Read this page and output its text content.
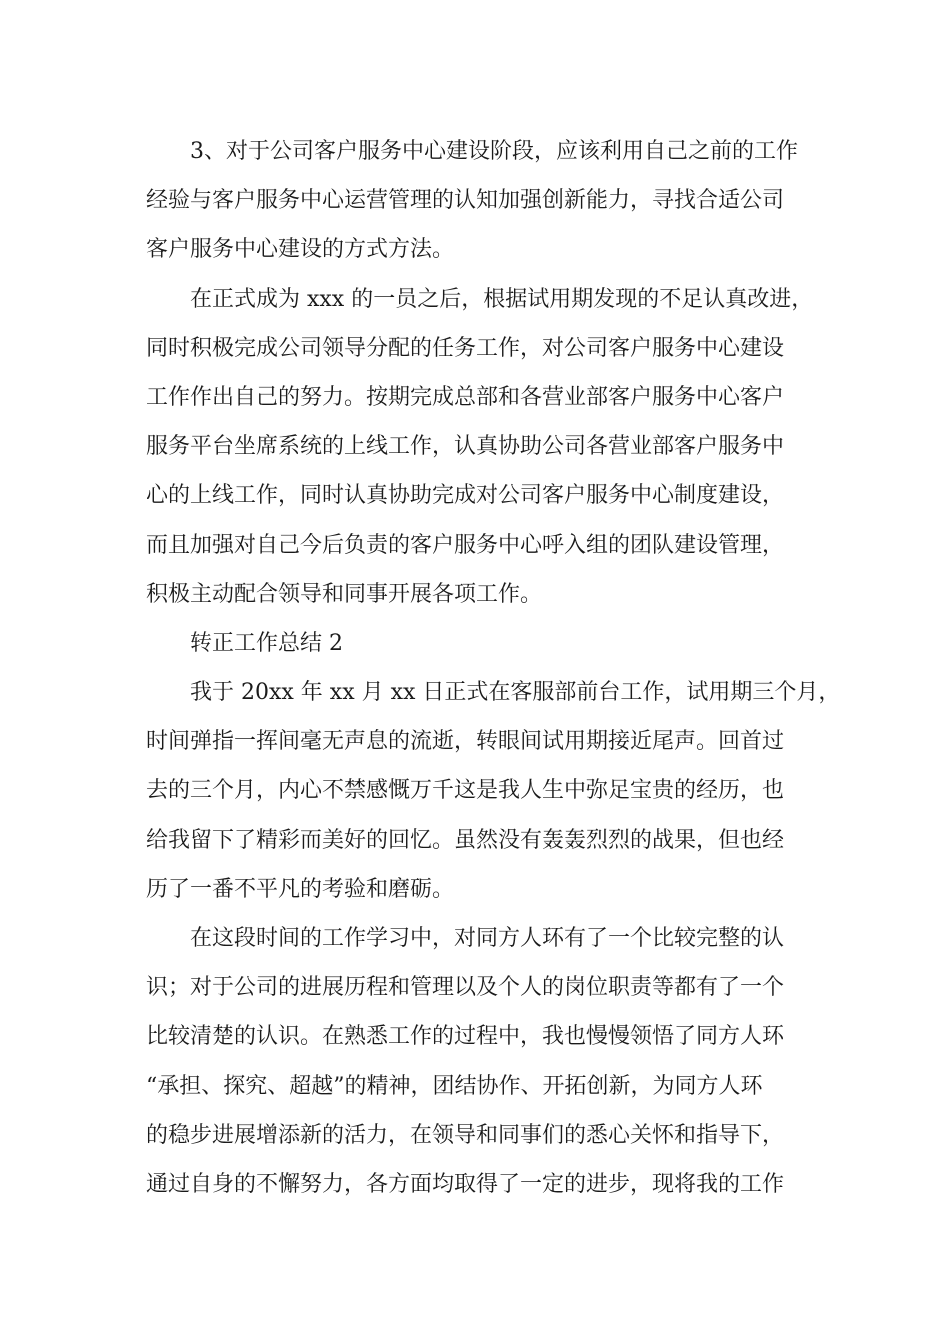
3、对于公司客户服务中心建设阶段，应该利用自己之前的工作
经验与客户服务中心运营管理的认知加强创新能力，寻找合适公司
客户服务中心建设的方式方法。
在正式成为 xxx 的一员之后，根据试用期发现的不足认真改进，
同时积极完成公司领导分配的任务工作，对公司客户服务中心建设
工作作出自己的努力。按期完成总部和各营业部客户服务中心客户
服务平台坐席系统的上线工作，认真协助公司各营业部客户服务中
心的上线工作，同时认真协助完成对公司客户服务中心制度建设，
而且加强对自己今后负责的客户服务中心呼入组的团队建设管理，
积极主动配合领导和同事开展各项工作。
转正工作总结 2
我于 20xx 年 xx 月 xx 日正式在客服部前台工作，试用期三个月，
时间弹指一挥间毫无声息的流逝，转眼间试用期接近尾声。回首过
去的三个月，内心不禁感慨万千这是我人生中弥足宝贵的经历，也
给我留下了精彩而美好的回忆。虽然没有轰轰烈烈的战果，但也经
历了一番不平凡的考验和磨砺。
在这段时间的工作学习中，对同方人环有了一个比较完整的认
识；对于公司的进展历程和管理以及个人的岗位职责等都有了一个
比较清楚的认识。在熟悉工作的过程中，我也慢慢领悟了同方人环
“承担、探究、超越”的精神，团结协作、开拓创新，为同方人环
的稳步进展增添新的活力，在领导和同事们的悉心关怀和指导下，
通过自身的不懈努力，各方面均取得了一定的进步，现将我的工作
